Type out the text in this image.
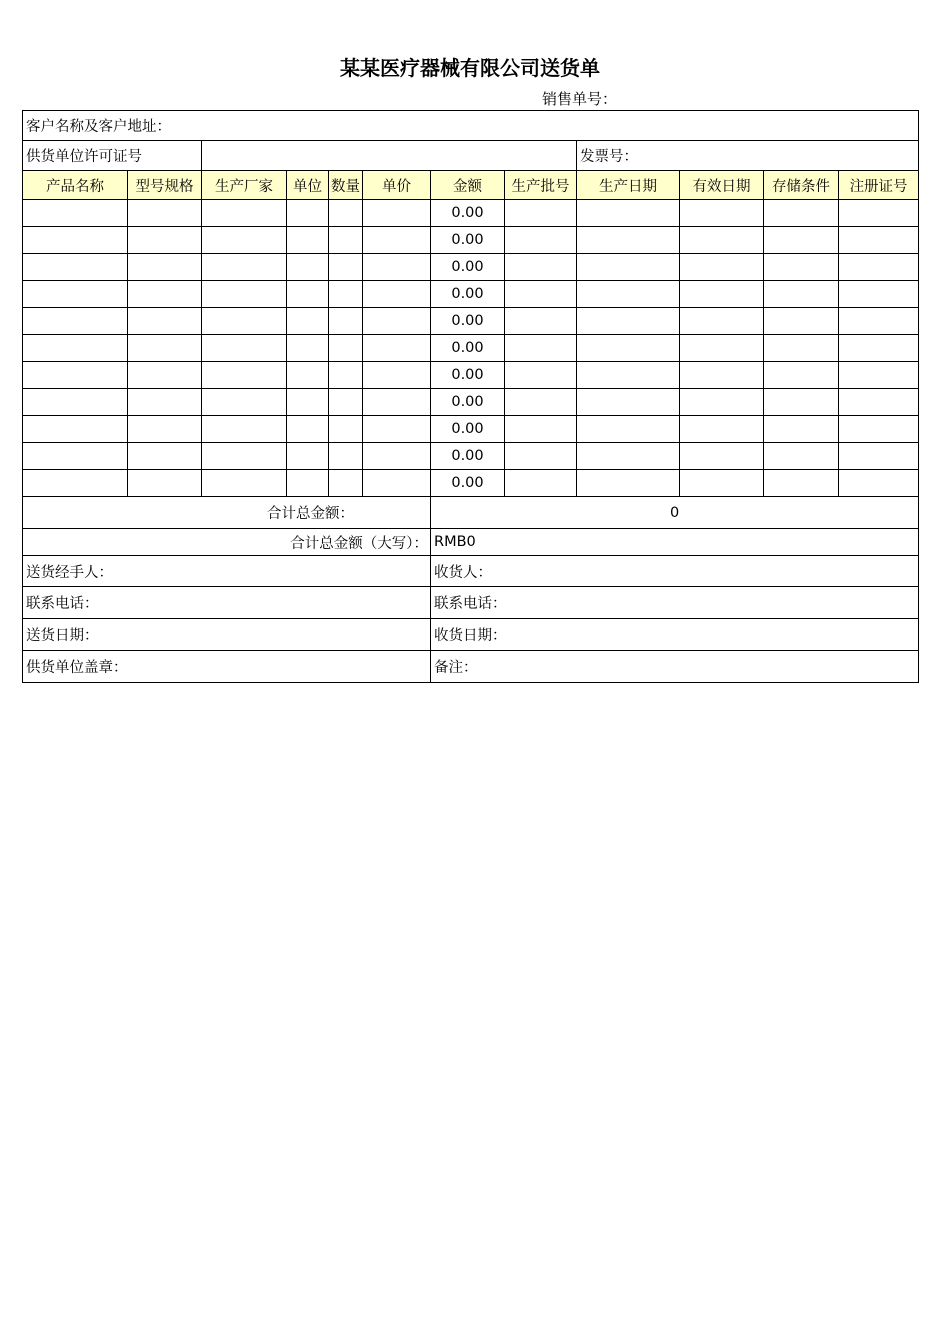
某某医疗器械有限公司送货单
销售单号：
客户名称及客户地址：											
供货单位许可证号								发票号：			
产品名称	型号规格	生产厂家	单位	数量	单价	金额	生产批号	生产日期	有效日期	存储条件	注册证号
						0.00					
						0.00					
						0.00					
						0.00					
						0.00					
						0.00					
						0.00					
						0.00					
						0.00					
						0.00					
						0.00					
合计总金额：						0					
合计总金额（大写）：						RMB0					
送货经手人：						收货人：					
联系电话：						联系电话：					
送货日期：						收货日期：					
供货单位盖章：						备注：					
